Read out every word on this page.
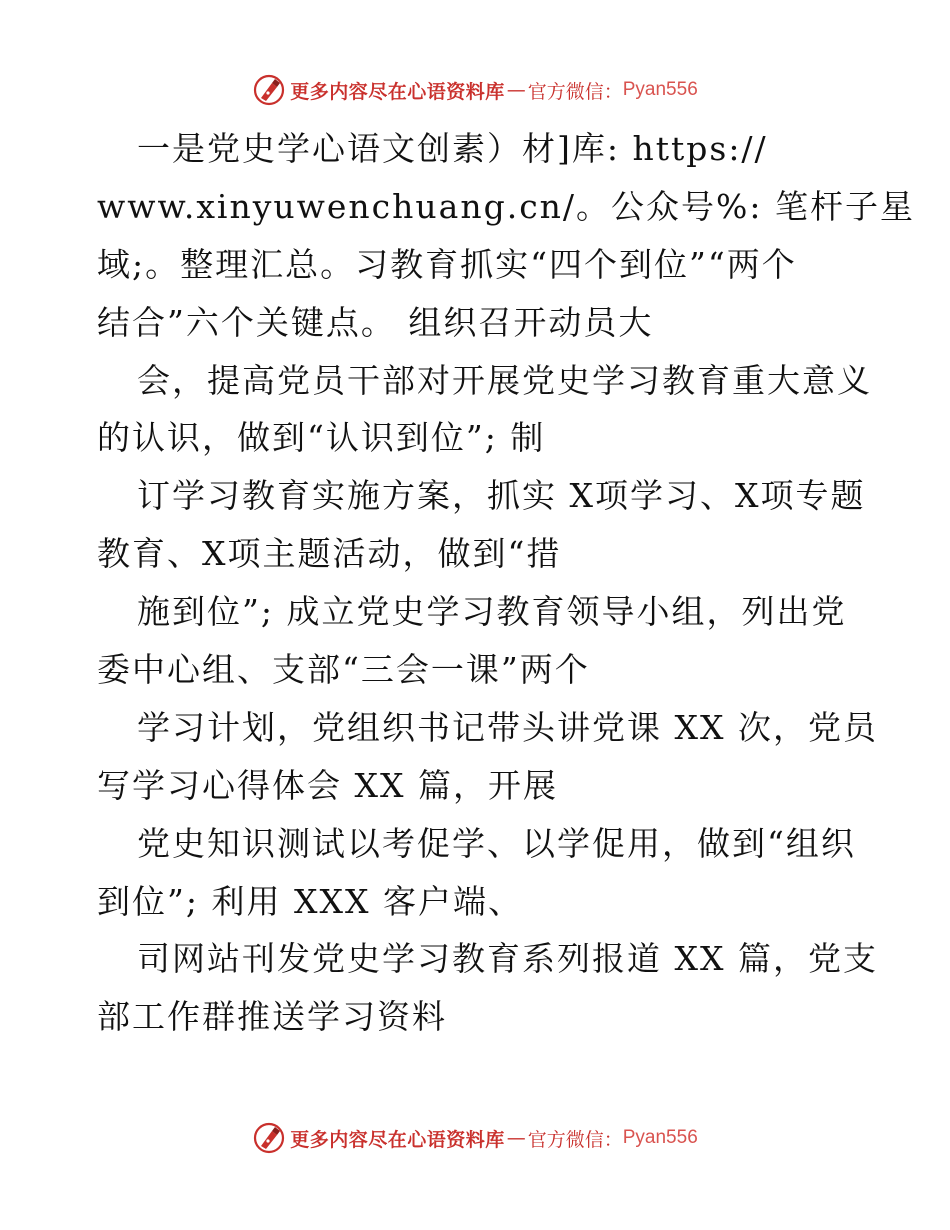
更多内容尽在心语资料库 — 官方微信： Pyan556
一是党史学心语文创素）材]库: https://
www.xinyuwenchuang.cn/。公众号%: 笔杆子星
域;。整理汇总。习教育抓实“四个到位”“两个
结合”六个关键点。 组织召开动员大
会，提高党员干部对开展党史学习教育重大意义
的认识，做到“认识到位”; 制
订学习教育实施方案，抓实 X项学习、X项专题
教育、X项主题活动，做到“措
施到位”; 成立党史学习教育领导小组，列出党
委中心组、支部“三会一课”两个
学习计划，党组织书记带头讲党课 XX 次，党员
写学习心得体会 XX 篇，开展
党史知识测试以考促学、以学促用，做到“组织
到位”; 利用 XXX 客户端、
司网站刊发党史学习教育系列报道 XX 篇，党支
部工作群推送学习资料
更多内容尽在心语资料库 — 官方微信： Pyan556
